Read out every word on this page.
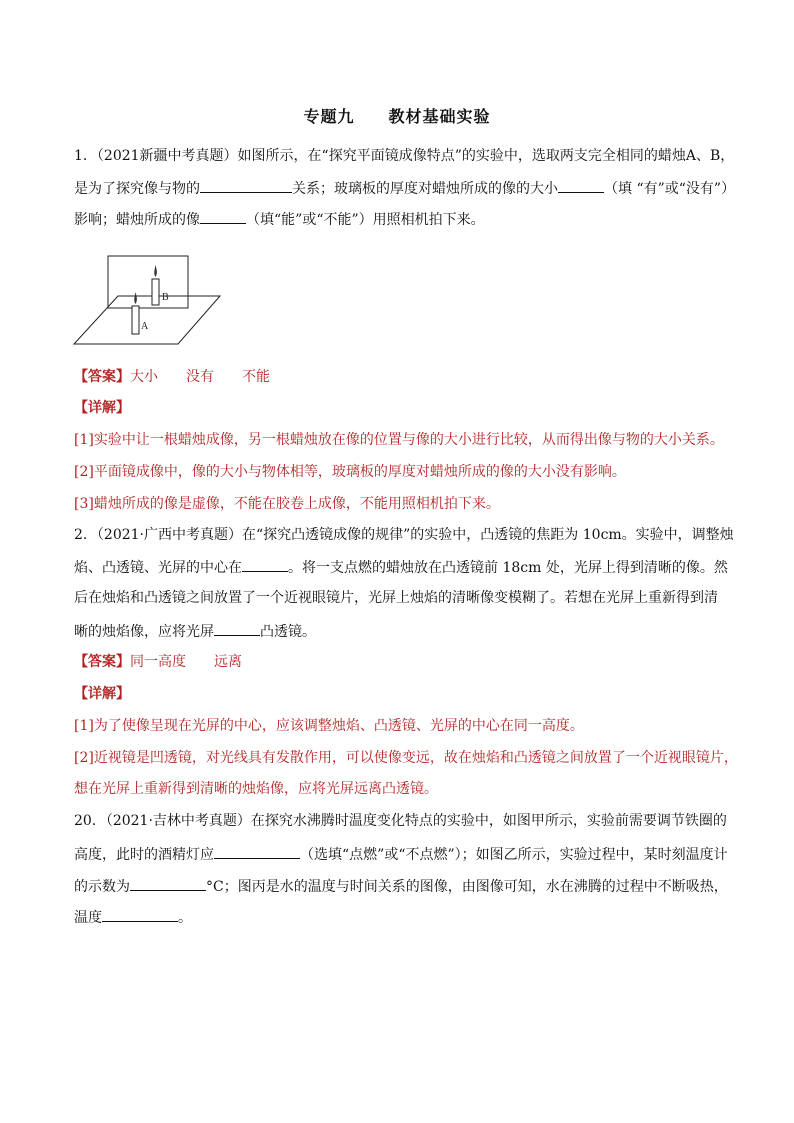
专题九 教材基础实验
1．（2021新疆中考真题）如图所示，在“探究平面镜成像特点”的实验中，选取两支完全相同的蜡烛A、B，
是为了探究像与物的	关系；玻璃板的厚度对蜡烛所成的像的大小	（填 “有”或“没有”）
影响；蜡烛所成的像	（填“能”或“不能”）用照相机拍下来。
B
A
【答案】大小 没有 不能
【详解】
[1]实验中让一根蜡烛成像，另一根蜡烛放在像的位置与像的大小进行比较，从而得出像与物的大小关系。
[2]平面镜成像中，像的大小与物体相等，玻璃板的厚度对蜡烛所成的像的大小没有影响。
[3]蜡烛所成的像是虚像，不能在胶卷上成像，不能用照相机拍下来。
2．（2021·广西中考真题）在“探究凸透镜成像的规律”的实验中，凸透镜的焦距为 10cm。实验中，调整烛
焰、凸透镜、光屏的中心在	。将一支点燃的蜡烛放在凸透镜前 18cm 处，光屏上得到清晰的像。然
后在烛焰和凸透镜之间放置了一个近视眼镜片，光屏上烛焰的清晰像变模糊了。若想在光屏上重新得到清
晰的烛焰像，应将光屏	凸透镜。
【答案】同一高度 远离
【详解】
[1]为了使像呈现在光屏的中心，应该调整烛焰、凸透镜、光屏的中心在同一高度。
[2]近视镜是凹透镜，对光线具有发散作用，可以使像变远，故在烛焰和凸透镜之间放置了一个近视眼镜片，
想在光屏上重新得到清晰的烛焰像，应将光屏远离凸透镜。
20．（2021·吉林中考真题）在探究水沸腾时温度变化特点的实验中，如图甲所示，实验前需要调节铁圈的
高度，此时的酒精灯应	（选填“点燃”或“不点燃”）；如图乙所示，实验过程中，某时刻温度计
的示数为	°C；图丙是水的温度与时间关系的图像，由图像可知，水在沸腾的过程中不断吸热，
温度	。
